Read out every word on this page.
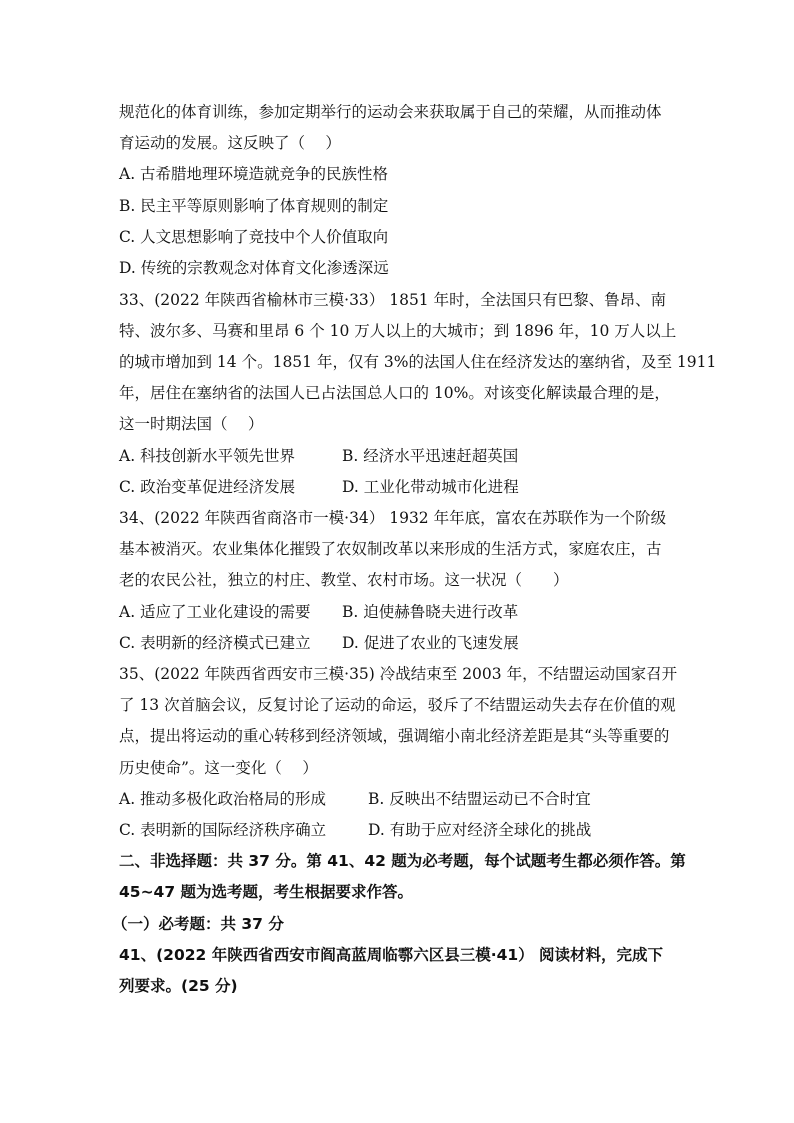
规范化的体育训练，参加定期举行的运动会来获取属于自己的荣耀，从而推动体
育运动的发展。这反映了（　 ）
A. 古希腊地理环境造就竞争的民族性格
B. 民主平等原则影响了体育规则的制定
C. 人文思想影响了竞技中个人价值取向
D. 传统的宗教观念对体育文化渗透深远
33、(2022 年陕西省榆林市三模·33） 1851 年时，全法国只有巴黎、鲁昂、南
特、波尔多、马赛和里昂 6 个 10 万人以上的大城市；到 1896 年，10 万人以上
的城市增加到 14 个。1851 年，仅有 3%的法国人住在经济发达的塞纳省，及至 1911
年，居住在塞纳省的法国人已占法国总人口的 10%。对该变化解读最合理的是，
这一时期法国（　 ）
A. 科技创新水平领先世界	B. 经济水平迅速赶超英国
C. 政治变革促进经济发展	D. 工业化带动城市化进程
34、(2022 年陕西省商洛市一模·34） 1932 年年底，富农在苏联作为一个阶级
基本被消灭。农业集体化摧毁了农奴制改革以来形成的生活方式，家庭农庄，古
老的农民公社，独立的村庄、教堂、农村市场。这一状况（　　）
A. 适应了工业化建设的需要 B. 迫使赫鲁晓夫进行改革
C. 表明新的经济模式已建立 D. 促进了农业的飞速发展
35、(2022 年陕西省西安市三模·35) 冷战结束至 2003 年，不结盟运动国家召开
了 13 次首脑会议，反复讨论了运动的命运，驳斥了不结盟运动失去存在价值的观
点，提出将运动的重心转移到经济领域，强调缩小南北经济差距是其“头等重要的
历史使命”。这一变化（　 ）
A. 推动多极化政治格局的形成	B. 反映出不结盟运动已不合时宜
C. 表明新的国际经济秩序确立	D. 有助于应对经济全球化的挑战
二、非选择题：共 37 分。第 41、42 题为必考题，每个试题考生都必须作答。第
45~47 题为选考题，考生根据要求作答。
（一）必考题：共 37 分
41、(2022 年陕西省西安市阎高蓝周临鄠六区县三模·41） 阅读材料，完成下
列要求。(25 分)
